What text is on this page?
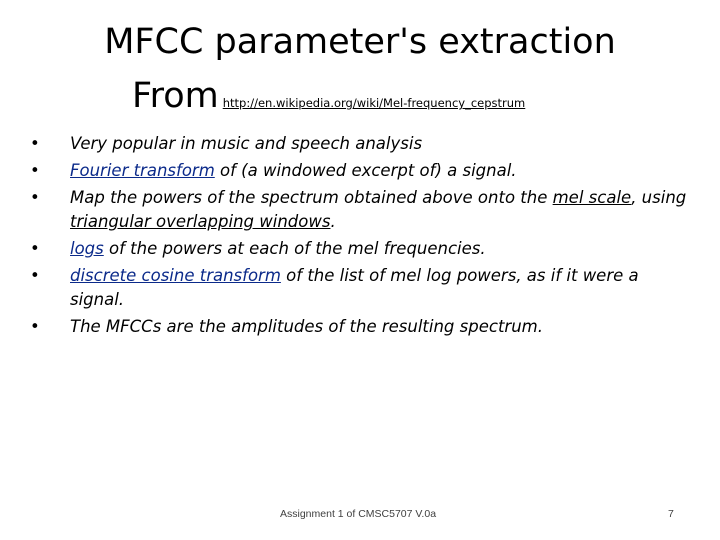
MFCC parameter's extraction
From http://en.wikipedia.org/wiki/Mel-frequency_cepstrum
• Very popular in music and speech analysis
• Fourier transform of (a windowed excerpt of) a signal.
• Map the powers of the spectrum obtained above onto the mel scale, using
triangular overlapping windows.
• logs of the powers at each of the mel frequencies.
• discrete cosine transform of the list of mel log powers, as if it were a signal.
• The MFCCs are the amplitudes of the resulting spectrum.
Assignment 1 of CMSC5707 V.0a	7
